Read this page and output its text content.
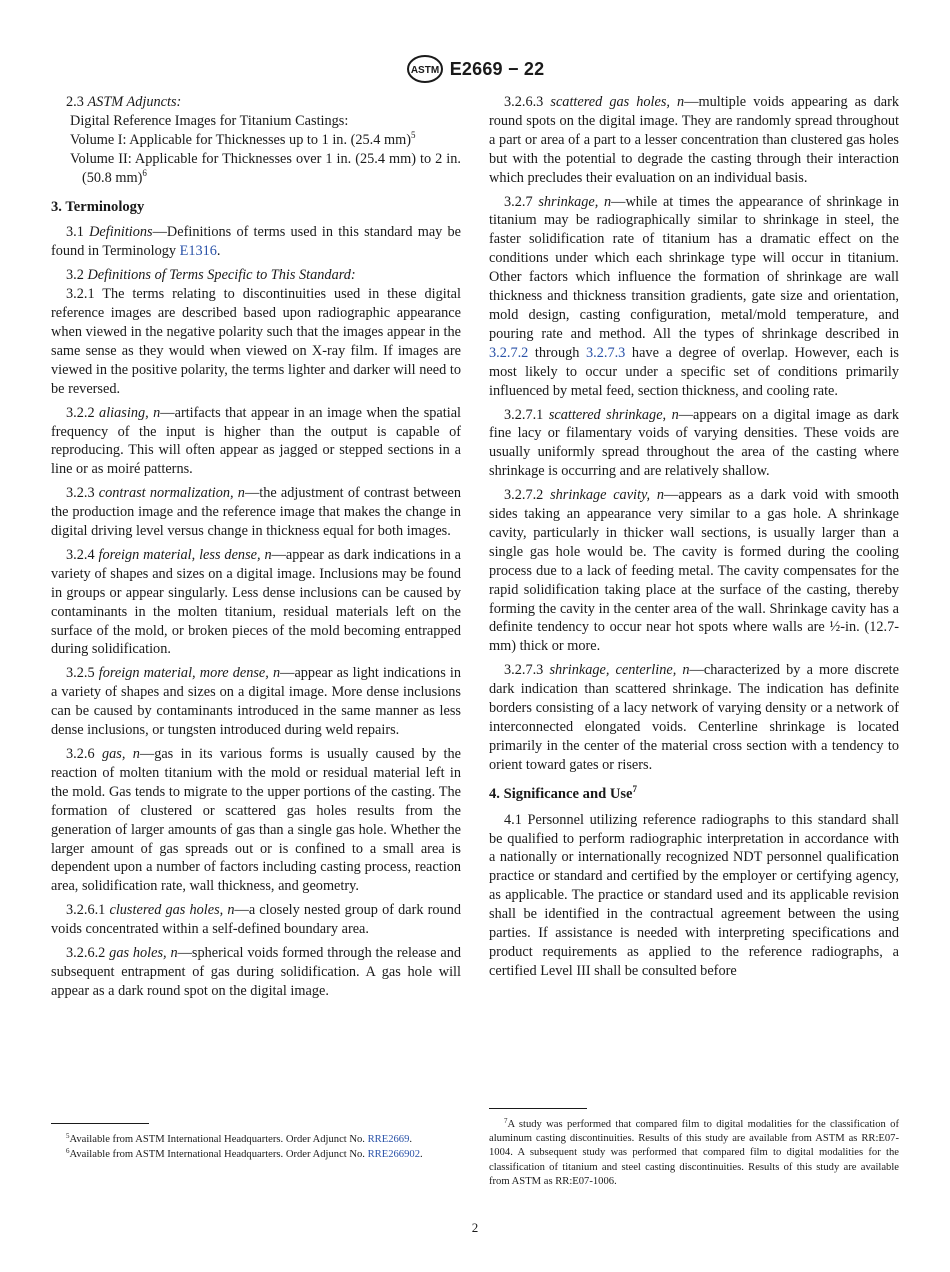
ASTM E2669 − 22

2.3 ASTM Adjuncts:

Digital Reference Images for Titanium Castings:

Volume I: Applicable for Thicknesses up to 1 in. (25.4 mm)$^5$

Volume II: Applicable for Thicknesses over 1 in. (25.4 mm) to 2 in. (50.8 mm)$^6$

3. Terminology

3.1 Definitions—Definitions of terms used in this standard may be found in Terminology E1316.

3.2 Definitions of Terms Specific to This Standard:

3.2.1 The terms relating to discontinuities used in these digital reference images are described based upon radiographic appearance when viewed in the negative polarity such that the images appear in the same sense as they would when viewed on X-ray film. If images are viewed in the positive polarity, the terms lighter and darker will need to be reversed.

3.2.2 aliasing, n—artifacts that appear in an image when the spatial frequency of the input is higher than the output is capable of reproducing. This will often appear as jagged or stepped sections in a line or as moiré patterns.

3.2.3 contrast normalization, n—the adjustment of contrast between the production image and the reference image that makes the change in digital driving level versus change in thickness equal for both images.

3.2.4 foreign material, less dense, n—appear as dark indications in a variety of shapes and sizes on a digital image. Inclusions may be found in groups or appear singularly. Less dense inclusions can be caused by contaminants in the molten titanium, residual materials left on the surface of the mold, or broken pieces of the mold becoming entrapped during solidification.

3.2.5 foreign material, more dense, n—appear as light indications in a variety of shapes and sizes on a digital image. More dense inclusions can be caused by contaminants introduced in the same manner as less dense inclusions, or tungsten introduced during weld repairs.

3.2.6 gas, n—gas in its various forms is usually caused by the reaction of molten titanium with the mold or residual material left in the mold. Gas tends to migrate to the upper portions of the casting. The formation of clustered or scattered gas holes results from the generation of larger amounts of gas than a single gas hole. Whether the larger amount of gas spreads out or is confined to a small area is dependent upon a number of factors including casting process, reaction area, solidification rate, wall thickness, and geometry.

3.2.6.1 clustered gas holes, n—a closely nested group of dark round voids concentrated within a self-defined boundary area.

3.2.6.2 gas holes, n—spherical voids formed through the release and subsequent entrapment of gas during solidification. A gas hole will appear as a dark round spot on the digital image.

$^5$Available from ASTM International Headquarters. Order Adjunct No. RRE2669.

$^6$Available from ASTM International Headquarters. Order Adjunct No. RRE266902.

3.2.6.3 scattered gas holes, n—multiple voids appearing as dark round spots on the digital image. They are randomly spread throughout a part or area of a part to a lesser concentration than clustered gas holes but with the potential to degrade the casting through their interaction which precludes their evaluation on an individual basis.

3.2.7 shrinkage, n—while at times the appearance of shrinkage in titanium may be radiographically similar to shrinkage in steel, the faster solidification rate of titanium has a dramatic effect on the conditions under which each shrinkage type will occur in titanium. Other factors which influence the formation of shrinkage are wall thickness and thickness transition gradients, gate size and orientation, mold design, casting configuration, metal/mold temperature, and pouring rate and method. All the types of shrinkage described in 3.2.7.2 through 3.2.7.3 have a degree of overlap. However, each is most likely to occur under a specific set of conditions primarily influenced by metal feed, section thickness, and cooling rate.

3.2.7.1 scattered shrinkage, n—appears on a digital image as dark fine lacy or filamentary voids of varying densities. These voids are usually uniformly spread throughout the area of the casting where shrinkage is occurring and are relatively shallow.

3.2.7.2 shrinkage cavity, n—appears as a dark void with smooth sides taking an appearance very similar to a gas hole. A shrinkage cavity, particularly in thicker wall sections, is usually larger than a single gas hole would be. The cavity is formed during the cooling process due to a lack of feeding metal. The cavity compensates for the rapid solidification taking place at the surface of the casting, thereby forming the cavity in the center area of the wall. Shrinkage cavity has a definite tendency to occur near hot spots where walls are ½-in. (12.7-mm) thick or more.

3.2.7.3 shrinkage, centerline, n—characterized by a more discrete dark indication than scattered shrinkage. The indication has definite borders consisting of a lacy network of varying density or a network of interconnected elongated voids. Centerline shrinkage is located primarily in the center of the material cross section with a tendency to orient toward gates or risers.

4. Significance and Use$^7$

4.1 Personnel utilizing reference radiographs to this standard shall be qualified to perform radiographic interpretation in accordance with a nationally or internationally recognized NDT personnel qualification practice or standard and certified by the employer or certifying agency, as applicable. The practice or standard used and its applicable revision shall be identified in the contractual agreement between the using parties. If assistance is needed with interpreting specifications and product requirements as applied to the reference radiographs, a certified Level III shall be consulted before

$^7$A study was performed that compared film to digital modalities for the classification of aluminum casting discontinuities. Results of this study are available from ASTM as RR:E07-1004. A subsequent study was performed that compared film to digital modalities for the classification of titanium and steel casting discontinuities. Results of this study are available from ASTM as RR:E07-1006.

2
